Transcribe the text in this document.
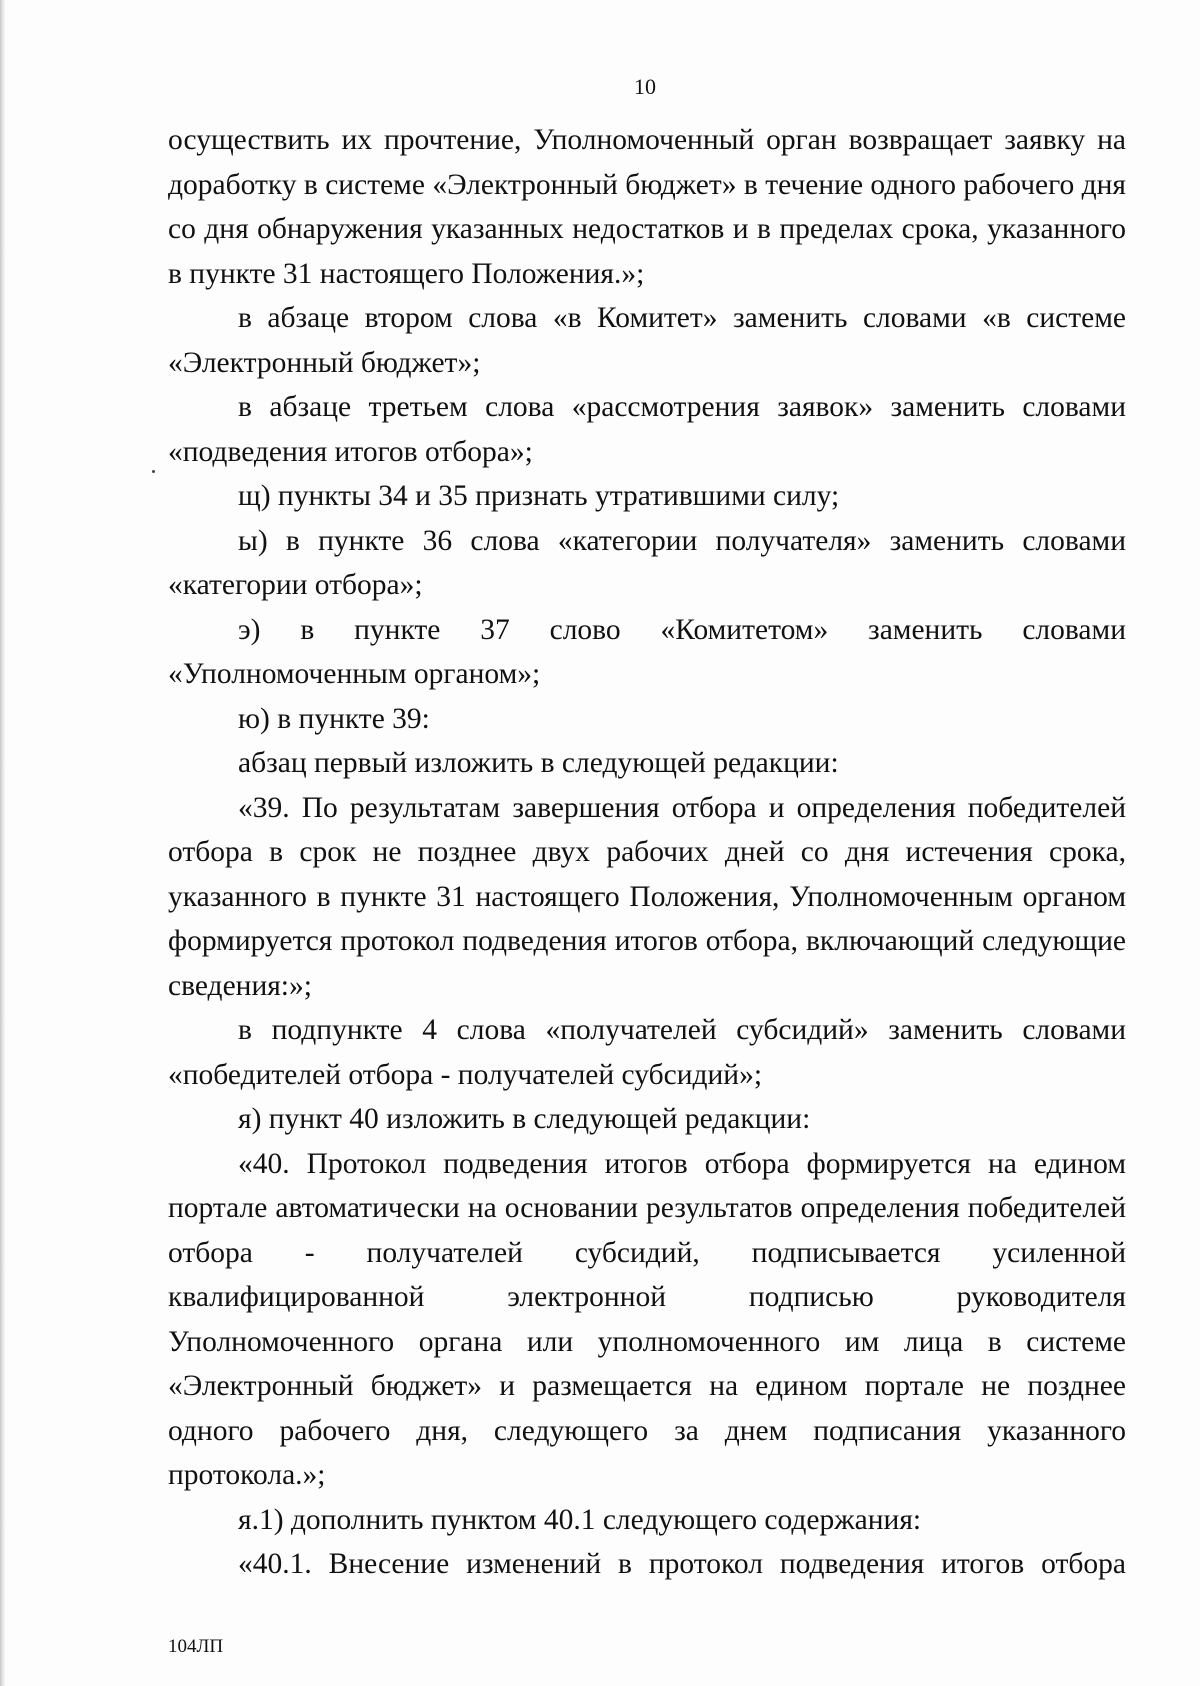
10

осуществить их прочтение, Уполномоченный орган возвращает заявку на доработку в системе «Электронный бюджет» в течение одного рабочего дня со дня обнаружения указанных недостатков и в пределах срока, указанного в пункте 31 настоящего Положения.»;

в абзаце втором слова «в Комитет» заменить словами «в системе «Электронный бюджет»;

в абзаце третьем слова «рассмотрения заявок» заменить словами «подведения итогов отбора»;

щ) пункты 34 и 35 признать утратившими силу;

ы) в пункте 36 слова «категории получателя» заменить словами «категории отбора»;

э) в пункте 37 слово «Комитетом» заменить словами «Уполномоченным органом»;

ю) в пункте 39:

абзац первый изложить в следующей редакции:

«39. По результатам завершения отбора и определения победителей отбора в срок не позднее двух рабочих дней со дня истечения срока, указанного в пункте 31 настоящего Положения, Уполномоченным органом формируется протокол подведения итогов отбора, включающий следующие сведения:»;

в подпункте 4 слова «получателей субсидий» заменить словами «победителей отбора - получателей субсидий»;

я) пункт 40 изложить в следующей редакции:

«40. Протокол подведения итогов отбора формируется на едином портале автоматически на основании результатов определения победителей отбора - получателей субсидий, подписывается усиленной квалифицированной электронной подписью руководителя Уполномоченного органа или уполномоченного им лица в системе «Электронный бюджет» и размещается на едином портале не позднее одного рабочего дня, следующего за днем подписания указанного протокола.»;

я.1) дополнить пунктом 40.1 следующего содержания:

«40.1. Внесение изменений в протокол подведения итогов отбора

104ЛП
